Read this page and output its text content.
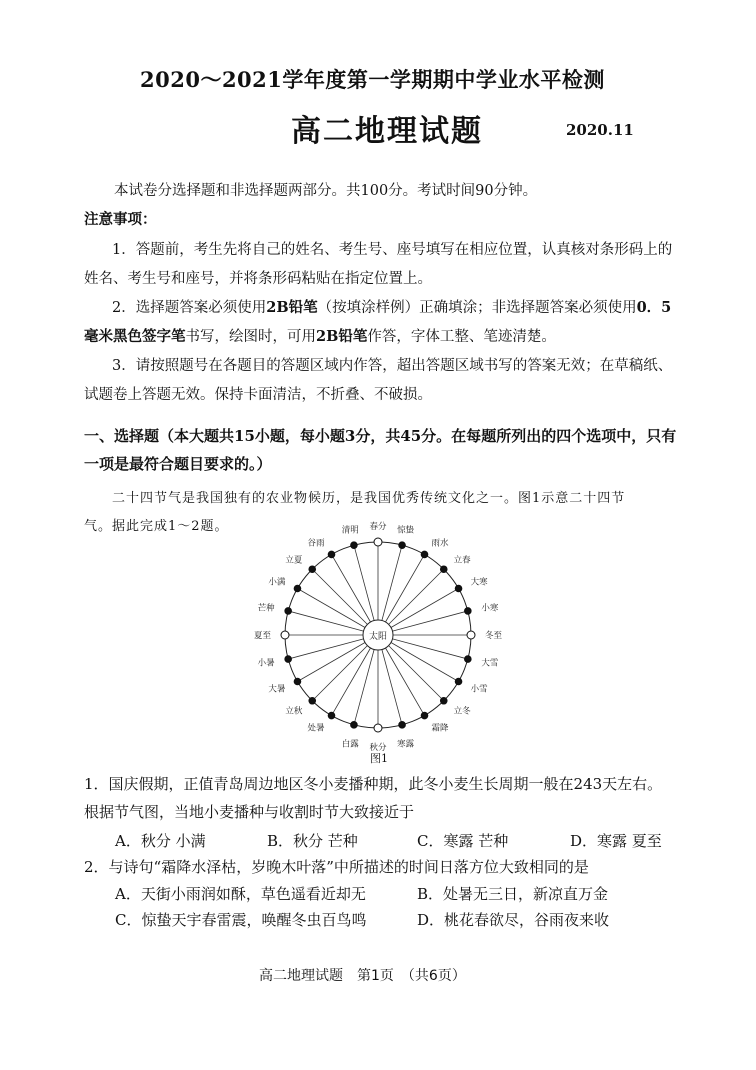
2020～2021学年度第一学期期中学业水平检测
高二地理试题	2020.11
本试卷分选择题和非选择题两部分。共100分。考试时间90分钟。
注意事项：
1．答题前，考生先将自己的姓名、考生号、座号填写在相应位置，认真核对条形码上的
姓名、考生号和座号，并将条形码粘贴在指定位置上。
2．选择题答案必须使用2B铅笔（按填涂样例）正确填涂；非选择题答案必须使用0．5
毫米黑色签字笔书写，绘图时，可用2B铅笔作答，字体工整、笔迹清楚。
3．请按照题号在各题目的答题区域内作答，超出答题区域书写的答案无效；在草稿纸、
试题卷上答题无效。保持卡面清洁，不折叠、不破损。
一、选择题（本大题共15小题，每小题3分，共45分。在每题所列出的四个选项中，只有
一项是最符合题目要求的。）
二十四节气是我国独有的农业物候历，是我国优秀传统文化之一。图1示意二十四节
气。据此完成1～2题。
太阳
春分
清明
谷雨
立夏
小满
芒种
夏至
小暑
大暑
立秋
处暑
白露 秋分 寒露
霜降
立冬
小雪
大雪
冬至
小寒
大寒
立春
雨水
惊蛰
图1
1．国庆假期，正值青岛周边地区冬小麦播种期，此冬小麦生长周期一般在243天左右。
根据节气图，当地小麦播种与收割时节大致接近于
A．秋分 小满	B．秋分 芒种	C．寒露 芒种	D．寒露 夏至
2．与诗句“霜降水泽枯，岁晚木叶落”中所描述的时间日落方位大致相同的是
A．天街小雨润如酥，草色遥看近却无	B．处暑无三日，新凉直万金
C．惊蛰天宇春雷震，唤醒冬虫百鸟鸣	D．桃花春欲尽，谷雨夜来收
高二地理试题　第1页　（共6页）
